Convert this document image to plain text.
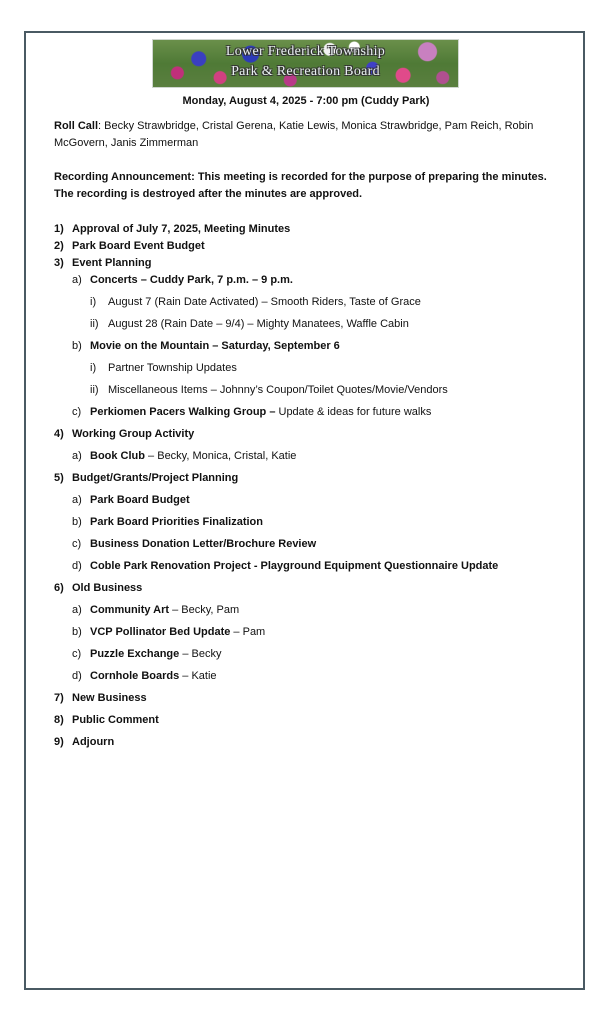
Lower Frederick Township
Park & Recreation Board
Monday, August 4, 2025 - 7:00 pm (Cuddy Park)

Roll Call: Becky Strawbridge, Cristal Gerena, Katie Lewis, Monica Strawbridge, Pam Reich, Robin McGovern, Janis Zimmerman

Recording Announcement: This meeting is recorded for the purpose of preparing the minutes. The recording is destroyed after the minutes are approved.
1) Approval of July 7, 2025, Meeting Minutes
2) Park Board Event Budget
3) Event Planning
a) Concerts – Cuddy Park, 7 p.m. – 9 p.m.
i) August 7 (Rain Date Activated) – Smooth Riders, Taste of Grace
ii) August 28 (Rain Date – 9/4) – Mighty Manatees, Waffle Cabin
b) Movie on the Mountain – Saturday, September 6
i) Partner Township Updates
ii) Miscellaneous Items – Johnny’s Coupon/Toilet Quotes/Movie/Vendors
c) Perkiomen Pacers Walking Group – Update & ideas for future walks
4) Working Group Activity
a) Book Club – Becky, Monica, Cristal, Katie
5) Budget/Grants/Project Planning
a) Park Board Budget
b) Park Board Priorities Finalization
c) Business Donation Letter/Brochure Review
d) Coble Park Renovation Project - Playground Equipment Questionnaire Update
6) Old Business
a) Community Art – Becky, Pam
b) VCP Pollinator Bed Update – Pam
c) Puzzle Exchange – Becky
d) Cornhole Boards – Katie
7) New Business
8) Public Comment
9) Adjourn
